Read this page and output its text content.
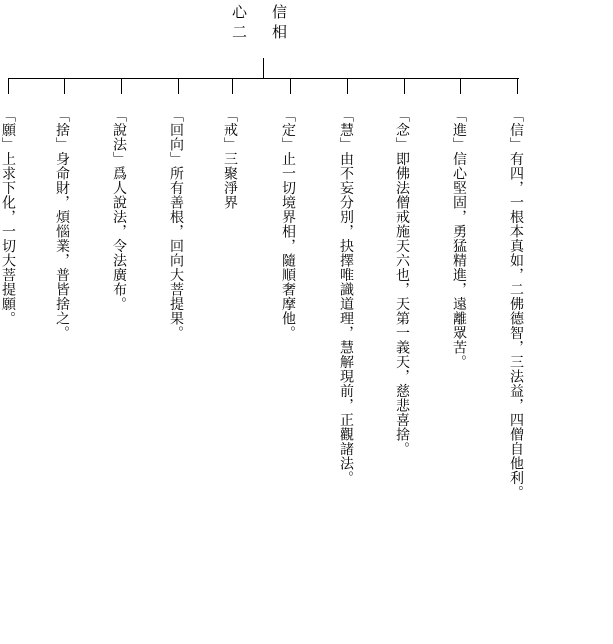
信
相
心
二
「信」有四，一根本真如，二佛德智，三法益，四僧自他利。
「進」信心堅固，勇猛精進，遠離眾苦。
「念」即佛法僧戒施天六也，天第一義天，慈悲喜捨。
「慧」由不妄分別，抉擇唯識道理，慧解現前，正觀諸法。
「定」止一切境界相，隨順奢摩他。
「戒」三聚淨界
「回向」所有善根，回向大菩提果。
「說法」爲人說法，令法廣布。
「捨」身命財，煩惱業，普皆捨之。
「願」上求下化，一切大菩提願。
